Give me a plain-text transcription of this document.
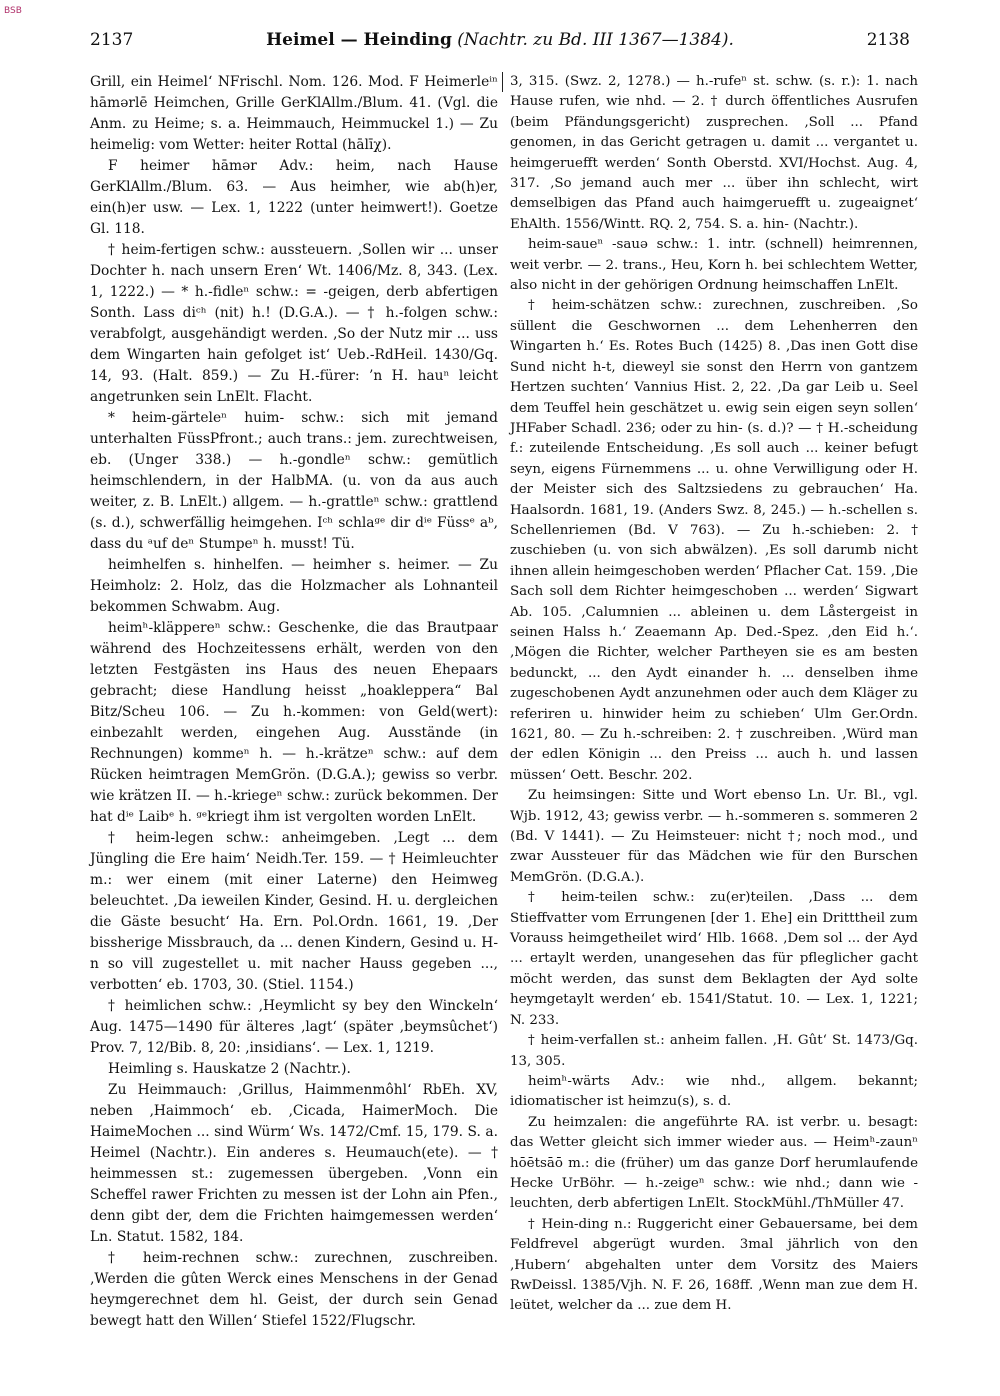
BSB
2137	Heimel — Heinding (Nachtr. zu Bd. III 1367—1384).	2138

Grill, ein Heimel‘ NFrischl. Nom. 126. Mod. F Heimerleⁱⁿ hāmərlē Heimchen, Grille GerKlAllm./Blum. 41. (Vgl. die Anm. zu Heime; s. a. Heimmauch, Heimmuckel 1.) — Zu heimelig: vom Wetter: heiter Rottal (hālīχ).

F heimer hāmər Adv.: heim, nach Hause GerKlAllm./Blum. 63. — Aus heimher, wie ab(h)er, ein(h)er usw. — Lex. 1, 1222 (unter heimwert!). Goetze Gl. 118.

† heim-fertigen schw.: aussteuern. ‚Sollen wir ... unser Dochter h. nach unsern Eren‘ Wt. 1406/Mz. 8, 343. (Lex. 1, 1222.) — * h.-fidleⁿ schw.: = -geigen, derb abfertigen Sonth. Lass diᶜʰ (nit) h.! (D.G.A.). — † h.-folgen schw.: verabfolgt, ausgehändigt werden. ‚So der Nutz mir ... uss dem Wingarten hain gefolget ist‘ Ueb.-RdHeil. 1430/Gq. 14, 93. (Halt. 859.) — Zu H.-fürer: ’n H. hauⁿ leicht angetrunken sein LnElt. Flacht.

* heim-gärteleⁿ huim- schw.: sich mit jemand unterhalten FüssPfront.; auch trans.: jem. zurechtweisen, eb. (Unger 338.) — h.-gondleⁿ schw.: gemütlich heimschlendern, in der HalbMA. (u. von da aus auch weiter, z. B. LnElt.) allgem. — h.-grattleⁿ schw.: grattlend (s. d.), schwerfällig heimgehen. Iᶜʰ schlaᵍᵉ dir dⁱᵉ Füssᵉ aᵇ, dass du ᵃuf deⁿ Stumpeⁿ h. musst! Tü.

heimhelfen s. hinhelfen. — heimher s. heimer. — Zu Heimholz: 2. Holz, das die Holzmacher als Lohnanteil bekommen Schwabm. Aug.

heimʰ-kläppereⁿ schw.: Geschenke, die das Brautpaar während des Hochzeitessens erhält, werden von den letzten Festgästen ins Haus des neuen Ehepaars gebracht; diese Handlung heisst „hoakleppera“ Bal Bitz/Scheu 106. — Zu h.-kommen: von Geld(wert): einbezahlt werden, eingehen Aug. Ausstände (in Rechnungen) kommeⁿ h. — h.-krätzeⁿ schw.: auf dem Rücken heimtragen MemGrön. (D.G.A.); gewiss so verbr. wie krätzen II. — h.-kriegeⁿ schw.: zurück bekommen. Der hat dⁱᵉ Laibᵉ h. ᵍᵉkriegt ihm ist vergolten worden LnElt.

† heim-legen schw.: anheimgeben. ‚Legt ... dem Jüngling die Ere haim‘ Neidh.Ter. 159. — † Heimleuchter m.: wer einem (mit einer Laterne) den Heimweg beleuchtet. ‚Da ieweilen Kinder, Gesind. H. u. dergleichen die Gäste besucht‘ Ha. Ern. Pol.Ordn. 1661, 19. ‚Der bissherige Missbrauch, da ... denen Kindern, Gesind u. H-n so vill zugestellet u. mit nacher Hauss gegeben ..., verbotten‘ eb. 1703, 30. (Stiel. 1154.)

† heimlichen schw.: ‚Heymlicht sy bey den Winckeln‘ Aug. 1475—1490 für älteres ‚lagt‘ (später ‚beymsûchet‘) Prov. 7, 12/Bib. 8, 20: ‚insidians‘. — Lex. 1, 1219.

Heimling s. Hauskatze 2 (Nachtr.).

Zu Heimmauch: ‚Grillus, Haimmenmôhl‘ RbEh. XV, neben ‚Haimmoch‘ eb. ‚Cicada, HaimerMoch. Die HaimeMochen ... sind Würm‘ Ws. 1472/Cmf. 15, 179. S. a. Heimel (Nachtr.). Ein anderes s. Heumauch(ete). — † heimmessen st.: zugemessen übergeben. ‚Vonn ein Scheffel rawer Frichten zu messen ist der Lohn ain Pfen., denn gibt der, dem die Frichten haimgemessen werden‘ Ln. Statut. 1582, 184.

† heim-rechnen schw.: zurechnen, zuschreiben. ‚Werden die gûten Werck eines Menschens in der Genad heymgerechnet dem hl. Geist, der durch sein Genad bewegt hatt den Willen‘ Stiefel 1522/Flugschr.

3, 315. (Swz. 2, 1278.) — h.-rufeⁿ st. schw. (s. r.): 1. nach Hause rufen, wie nhd. — 2. † durch öffentliches Ausrufen (beim Pfändungsgericht) zusprechen. ‚Soll ... Pfand genomen, in das Gericht getragen u. damit ... vergantet u. heimgeruefft werden‘ Sonth Oberstd. XVI/Hochst. Aug. 4, 317. ‚So jemand auch mer ... über ihn schlecht, wirt demselbigen das Pfand auch haimgeruefft u. zugeaignet‘ EhAlth. 1556/Wintt. RQ. 2, 754. S. a. hin- (Nachtr.).

heim-saueⁿ -sauə schw.: 1. intr. (schnell) heimrennen, weit verbr. — 2. trans., Heu, Korn h. bei schlechtem Wetter, also nicht in der gehörigen Ordnung heimschaffen LnElt.

† heim-schätzen schw.: zurechnen, zuschreiben. ‚So süllent die Geschwornen ... dem Lehenherren den Wingarten h.‘ Es. Rotes Buch (1425) 8. ‚Das inen Gott dise Sund nicht h-t, dieweyl sie sonst den Herrn von gantzem Hertzen suchten‘ Vannius Hist. 2, 22. ‚Da gar Leib u. Seel dem Teuffel hein geschätzet u. ewig sein eigen seyn sollen‘ JHFaber Schadl. 236; oder zu hin- (s. d.)? — † H.-scheidung f.: zuteilende Entscheidung. ‚Es soll auch ... keiner befugt seyn, eigens Fürnemmens ... u. ohne Verwilligung oder H. der Meister sich des Saltzsiedens zu gebrauchen‘ Ha. Haalsordn. 1681, 19. (Anders Swz. 8, 245.) — h.-schellen s. Schellenriemen (Bd. V 763). — Zu h.-schieben: 2. † zuschieben (u. von sich abwälzen). ‚Es soll darumb nicht ihnen allein heimgeschoben werden‘ Pflacher Cat. 159. ‚Die Sach soll dem Richter heimgeschoben ... werden‘ Sigwart Ab. 105. ‚Calumnien ... ableinen u. dem Låstergeist in seinen Halss h.‘ Zeaemann Ap. Ded.-Spez. ‚den Eid h.‘. ‚Mögen die Richter, welcher Partheyen sie es am besten bedunckt, ... den Aydt einander h. ... denselben ihme zugeschobenen Aydt anzunehmen oder auch dem Kläger zu referiren u. hinwider heim zu schieben‘ Ulm Ger.Ordn. 1621, 80. — Zu h.-schreiben: 2. † zuschreiben. ‚Würd man der edlen Königin ... den Preiss ... auch h. und lassen müssen‘ Oett. Beschr. 202.

Zu heimsingen: Sitte und Wort ebenso Ln. Ur. Bl., vgl. Wjb. 1912, 43; gewiss verbr. — h.-sommeren s. sommeren 2 (Bd. V 1441). — Zu Heimsteuer: nicht †; noch mod., und zwar Aussteuer für das Mädchen wie für den Burschen MemGrön. (D.G.A.).

† heim-teilen schw.: zu(er)teilen. ‚Dass ... dem Stieffvatter vom Errungenen [der 1. Ehe] ein Dritttheil zum Vorauss heimgetheilet wird‘ Hlb. 1668. ‚Dem sol ... der Ayd ... ertaylt werden, unangesehen das für pfleglicher gacht möcht werden, das sunst dem Beklagten der Ayd solte heymgetaylt werden‘ eb. 1541/Statut. 10. — Lex. 1, 1221; N. 233.

† heim-verfallen st.: anheim fallen. ‚H. Gût‘ St. 1473/Gq. 13, 305.

heimʰ-wärts Adv.: wie nhd., allgem. bekannt; idiomatischer ist heimzu(s), s. d.

Zu heimzalen: die angeführte RA. ist verbr. u. besagt: das Wetter gleicht sich immer wieder aus. — Heimʰ-zaunⁿ hōētsāō m.: die (früher) um das ganze Dorf herumlaufende Hecke UrBöhr. — h.-zeigeⁿ schw.: wie nhd.; dann wie -leuchten, derb abfertigen LnElt. StockMühl./ThMüller 47.

† Hein-ding n.: Ruggericht einer Gebauersame, bei dem Feldfrevel abgerügt wurden. 3mal jährlich von den ‚Hubern‘ abgehalten unter dem Vorsitz des Maiers RwDeissl. 1385/Vjh. N. F. 26, 168ff. ‚Wenn man zue dem H. leütet, welcher da ... zue dem H.
